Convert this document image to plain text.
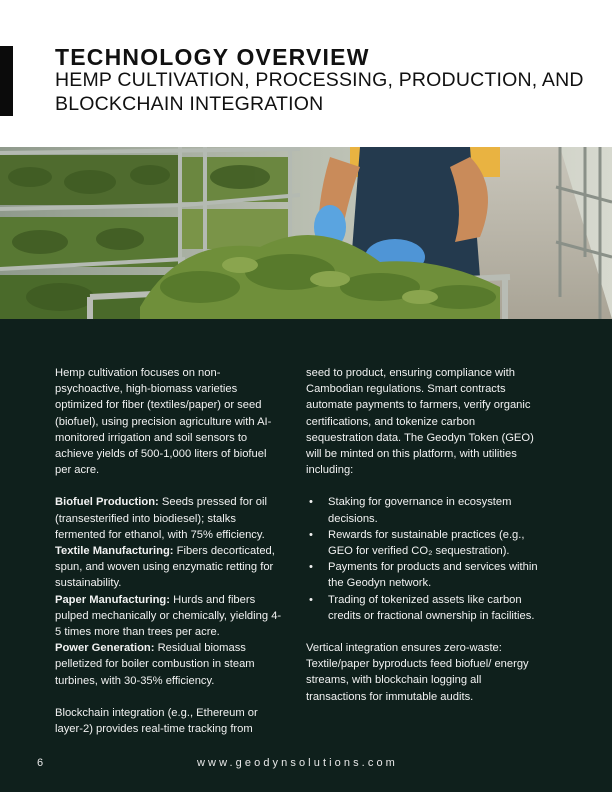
TECHNOLOGY OVERVIEW
HEMP CULTIVATION, PROCESSING, PRODUCTION, AND BLOCKCHAIN INTEGRATION

Hemp cultivation focuses on non-psychoactive, high-biomass varieties optimized for fiber (textiles/paper) or seed (biofuel), using precision agriculture with AI-monitored irrigation and soil sensors to achieve yields of 500-1,000 liters of biofuel per acre.

Biofuel Production: Seeds pressed for oil (transesterified into biodiesel); stalks fermented for ethanol, with 75% efficiency.

Textile Manufacturing: Fibers decorticated, spun, and woven using enzymatic retting for sustainability.

Paper Manufacturing: Hurds and fibers pulped mechanically or chemically, yielding 4-5 times more than trees per acre.

Power Generation: Residual biomass pelletized for boiler combustion in steam turbines, with 30-35% efficiency.

Blockchain integration (e.g., Ethereum or layer-2) provides real-time tracking from

seed to product, ensuring compliance with Cambodian regulations. Smart contracts automate payments to farmers, verify organic certifications, and tokenize carbon sequestration data. The Geodyn Token (GEO) will be minted on this platform, with utilities including:

• Staking for governance in ecosystem decisions.
• Rewards for sustainable practices (e.g., GEO for verified CO₂ sequestration).
• Payments for products and services within the Geodyn network.
• Trading of tokenized assets like carbon credits or fractional ownership in facilities.

Vertical integration ensures zero-waste: Textile/paper byproducts feed biofuel/ energy streams, with blockchain logging all transactions for immutable audits.

6	www.geodynsolutions.com
